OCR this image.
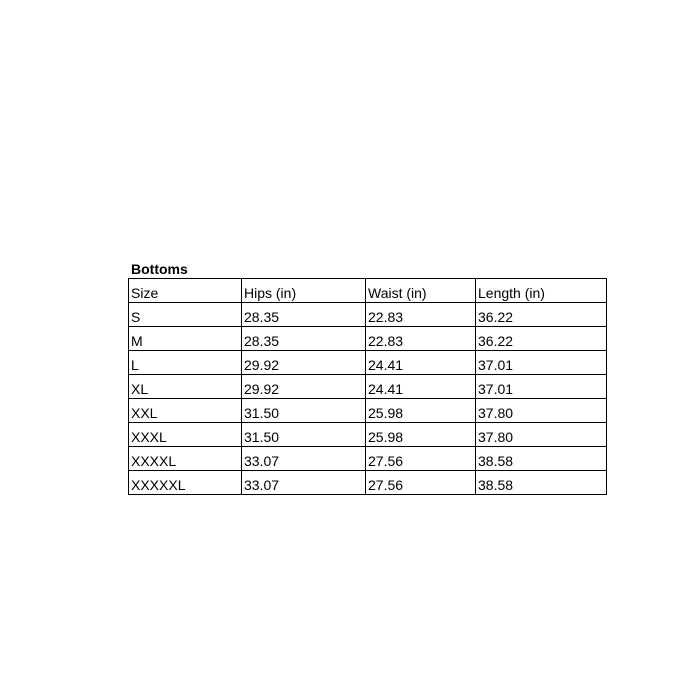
Bottoms
Size	Hips (in)	Waist (in)	Length (in)
S	28.35	22.83	36.22
M	28.35	22.83	36.22
L	29.92	24.41	37.01
XL	29.92	24.41	37.01
XXL	31.50	25.98	37.80
XXXL	31.50	25.98	37.80
XXXXL	33.07	27.56	38.58
XXXXXL	33.07	27.56	38.58
